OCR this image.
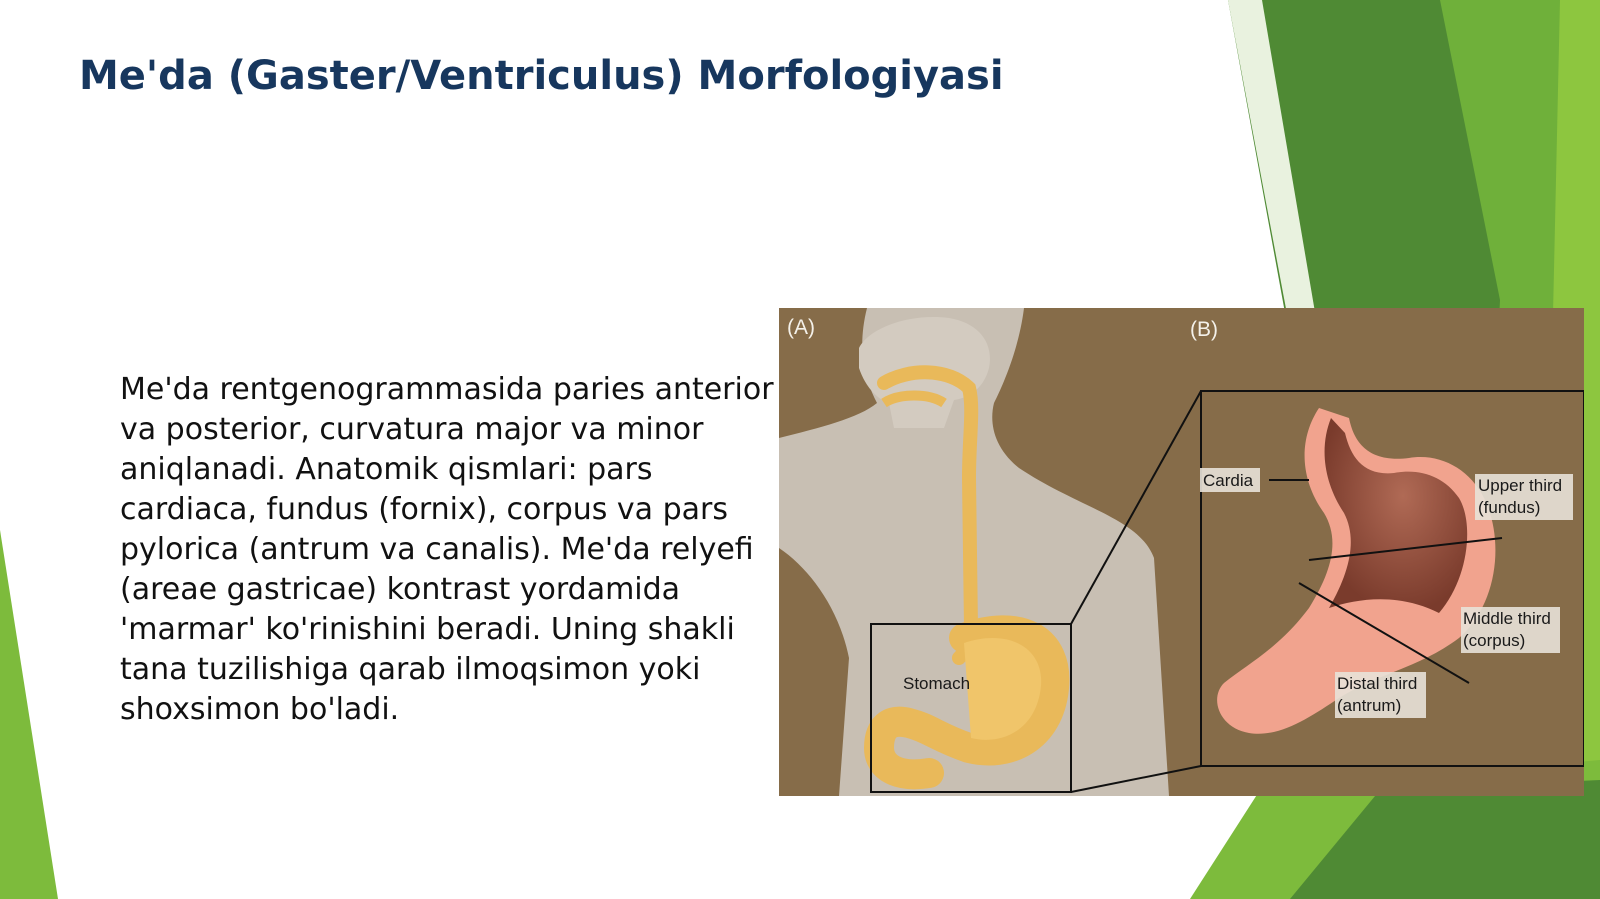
Me'da (Gaster/Ventriculus) Morfologiyasi

Me'da rentgenogrammasida paries anterior va posterior, curvatura major va minor aniqlanadi. Anatomik qismlari: pars cardiaca, fundus (fornix), corpus va pars pylorica (antrum va canalis). Me'da relyefi (areae gastricae) kontrast yordamida 'marmar' ko'rinishini beradi. Uning shakli tana tuzilishiga qarab ilmoqsimon yoki shoxsimon bo'ladi.

(A)	(B)
Stomach
Cardia	Upper third
(fundus)
Middle third
(corpus)
Distal third
(antrum)
